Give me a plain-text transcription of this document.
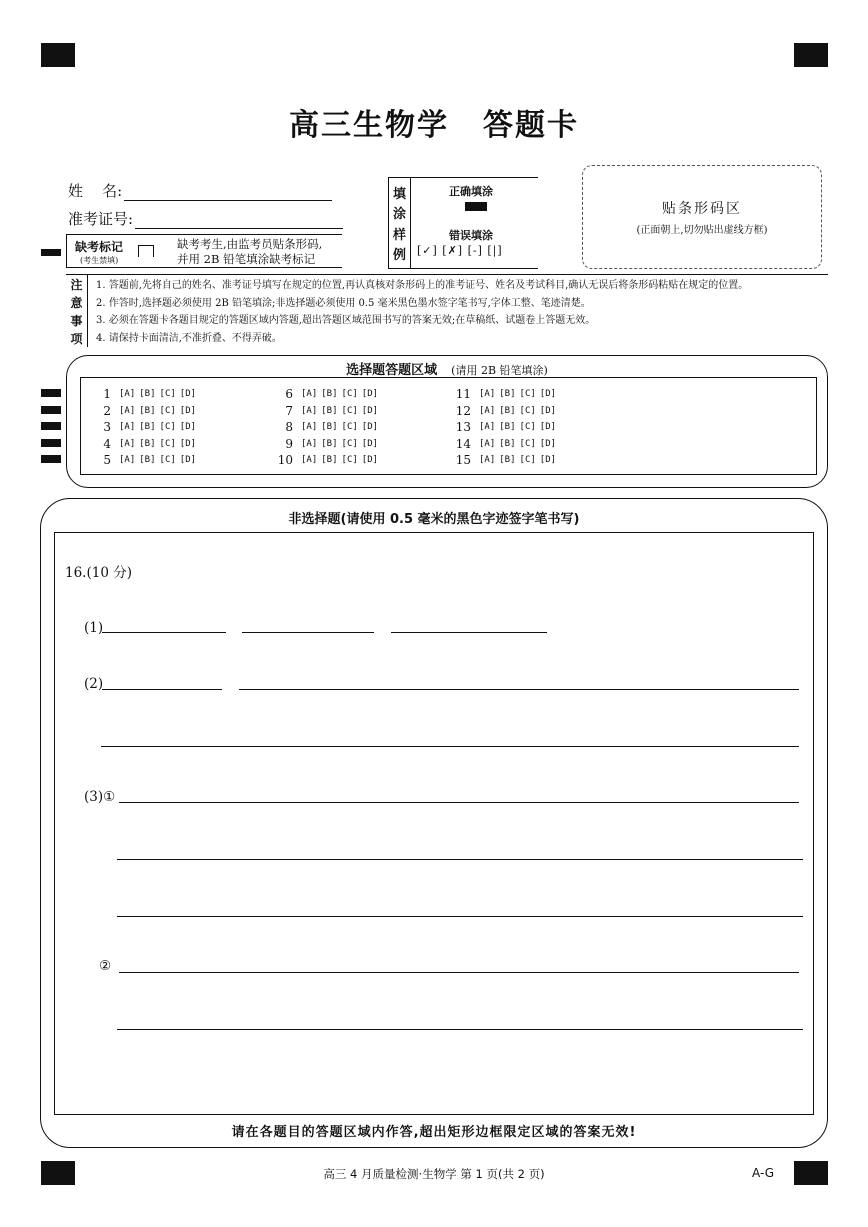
高三生物学 答题卡
姓    名:
准考证号:
缺考标记
(考生禁填)
缺考考生,由监考员贴条形码,
并用 2B 铅笔填涂缺考标记
填
涂
样
例
正确填涂
错误填涂
[✓] [✗] [-] [|]
贴条形码区
(正面朝上,切勿贴出虚线方框)
注
意
事
项
1. 答题前,先将自己的姓名、准考证号填写在规定的位置,再认真核对条形码上的准考证号、姓名及考试科目,确认无误后将条形码粘贴在规定的位置。
2. 作答时,选择题必须使用 2B 铅笔填涂;非选择题必须使用 0.5 毫米黑色墨水签字笔书写,字体工整、笔迹清楚。
3. 必须在答题卡各题目规定的答题区域内答题,超出答题区域范围书写的答案无效;在草稿纸、试题卷上答题无效。
4. 请保持卡面清洁,不准折叠、不得弄破。
选择题答题区域 (请用 2B 铅笔填涂)
1 [A] [B] [C] [D]
2 [A] [B] [C] [D]
3 [A] [B] [C] [D]
4 [A] [B] [C] [D]
5 [A] [B] [C] [D]
6 [A] [B] [C] [D]
7 [A] [B] [C] [D]
8 [A] [B] [C] [D]
9 [A] [B] [C] [D]
10 [A] [B] [C] [D]
11 [A] [B] [C] [D]
12 [A] [B] [C] [D]
13 [A] [B] [C] [D]
14 [A] [B] [C] [D]
15 [A] [B] [C] [D]
非选择题(请使用 0.5 毫米的黑色字迹签字笔书写)
16.(10 分)
(1)
(2)
(3)①
②
请在各题目的答题区域内作答,超出矩形边框限定区域的答案无效!
高三 4 月质量检测·生物学 第 1 页(共 2 页)	A-G
